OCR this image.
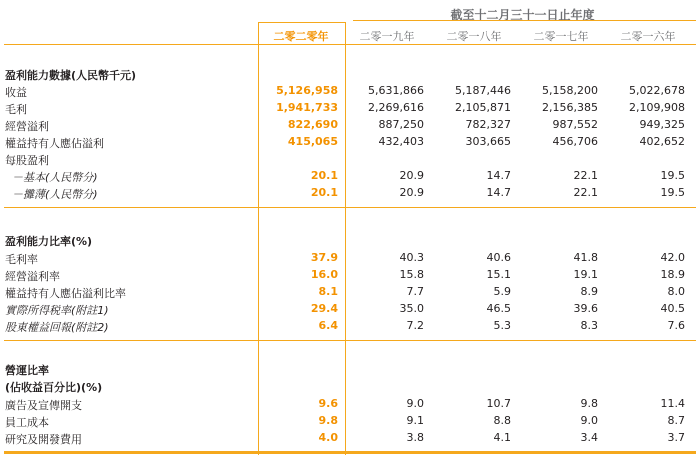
截至十二月三十一日止年度
二零二零年	二零一九年	二零一八年	二零一七年	二零一六年
盈利能力數據(人民幣千元)
收益	5,126,958	5,631,866	5,187,446	5,158,200	5,022,678
毛利	1,941,733	2,269,616	2,105,871	2,156,385	2,109,908
經營溢利	822,690	887,250	782,327	987,552	949,325
權益持有人應佔溢利	415,065	432,403	303,665	456,706	402,652
每股盈利
－基本(人民幣分)	20.1	20.9	14.7	22.1	19.5
－攤薄(人民幣分)	20.1	20.9	14.7	22.1	19.5
盈利能力比率(%)
毛利率	37.9	40.3	40.6	41.8	42.0
經營溢利率	16.0	15.8	15.1	19.1	18.9
權益持有人應佔溢利比率	8.1	7.7	5.9	8.9	8.0
實際所得税率(附註1)	29.4	35.0	46.5	39.6	40.5
股東權益回報(附註2)	6.4	7.2	5.3	8.3	7.6
營運比率
(佔收益百分比)(%)
廣告及宣傳開支	9.6	9.0	10.7	9.8	11.4
員工成本	9.8	9.1	8.8	9.0	8.7
研究及開發費用	4.0	3.8	4.1	3.4	3.7
